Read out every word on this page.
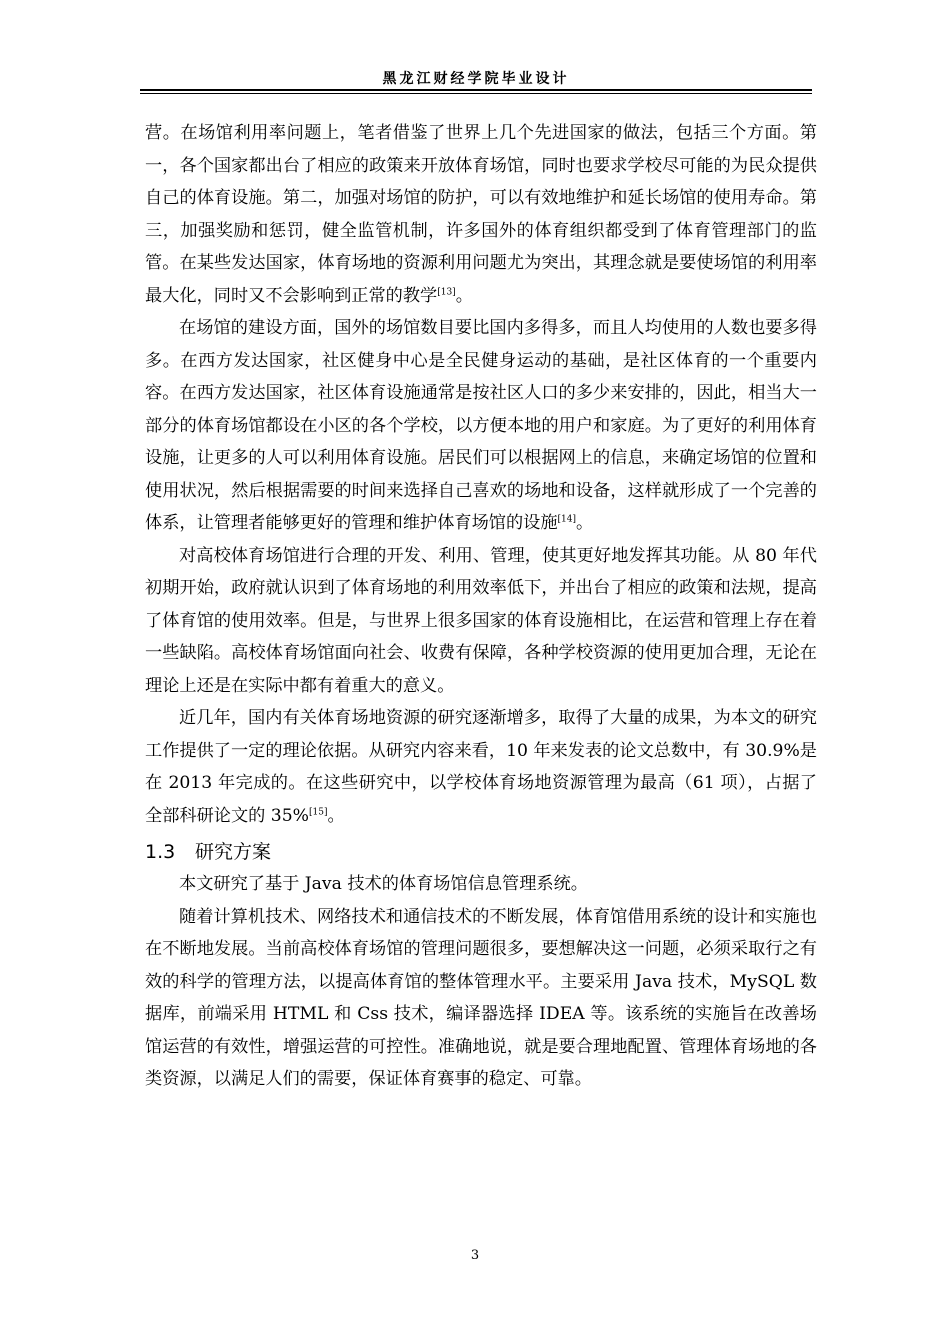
黑龙江财经学院毕业设计

营。在场馆利用率问题上，笔者借鉴了世界上几个先进国家的做法，包括三个方面。第一，各个国家都出台了相应的政策来开放体育场馆，同时也要求学校尽可能的为民众提供自己的体育设施。第二，加强对场馆的防护，可以有效地维护和延长场馆的使用寿命。第三，加强奖励和惩罚，健全监管机制，许多国外的体育组织都受到了体育管理部门的监管。在某些发达国家，体育场地的资源利用问题尤为突出，其理念就是要使场馆的利用率最大化，同时又不会影响到正常的教学[13]。

在场馆的建设方面，国外的场馆数目要比国内多得多，而且人均使用的人数也要多得多。在西方发达国家，社区健身中心是全民健身运动的基础，是社区体育的一个重要内容。在西方发达国家，社区体育设施通常是按社区人口的多少来安排的，因此，相当大一部分的体育场馆都设在小区的各个学校，以方便本地的用户和家庭。为了更好的利用体育设施，让更多的人可以利用体育设施。居民们可以根据网上的信息，来确定场馆的位置和使用状况，然后根据需要的时间来选择自己喜欢的场地和设备，这样就形成了一个完善的体系，让管理者能够更好的管理和维护体育场馆的设施[14]。

对高校体育场馆进行合理的开发、利用、管理，使其更好地发挥其功能。从 80 年代初期开始，政府就认识到了体育场地的利用效率低下，并出台了相应的政策和法规，提高了体育馆的使用效率。但是，与世界上很多国家的体育设施相比，在运营和管理上存在着一些缺陷。高校体育场馆面向社会、收费有保障，各种学校资源的使用更加合理，无论在理论上还是在实际中都有着重大的意义。

近几年，国内有关体育场地资源的研究逐渐增多，取得了大量的成果，为本文的研究工作提供了一定的理论依据。从研究内容来看，10 年来发表的论文总数中，有 30.9%是在 2013 年完成的。在这些研究中，以学校体育场地资源管理为最高（61 项），占据了全部科研论文的 35%[15]。

1.3 研究方案

本文研究了基于 Java 技术的体育场馆信息管理系统。

随着计算机技术、网络技术和通信技术的不断发展，体育馆借用系统的设计和实施也在不断地发展。当前高校体育场馆的管理问题很多，要想解决这一问题，必须采取行之有效的科学的管理方法，以提高体育馆的整体管理水平。主要采用 Java 技术，MySQL 数据库，前端采用 HTML 和 Css 技术，编译器选择 IDEA 等。该系统的实施旨在改善场馆运营的有效性，增强运营的可控性。准确地说，就是要合理地配置、管理体育场地的各类资源，以满足人们的需要，保证体育赛事的稳定、可靠。

3
